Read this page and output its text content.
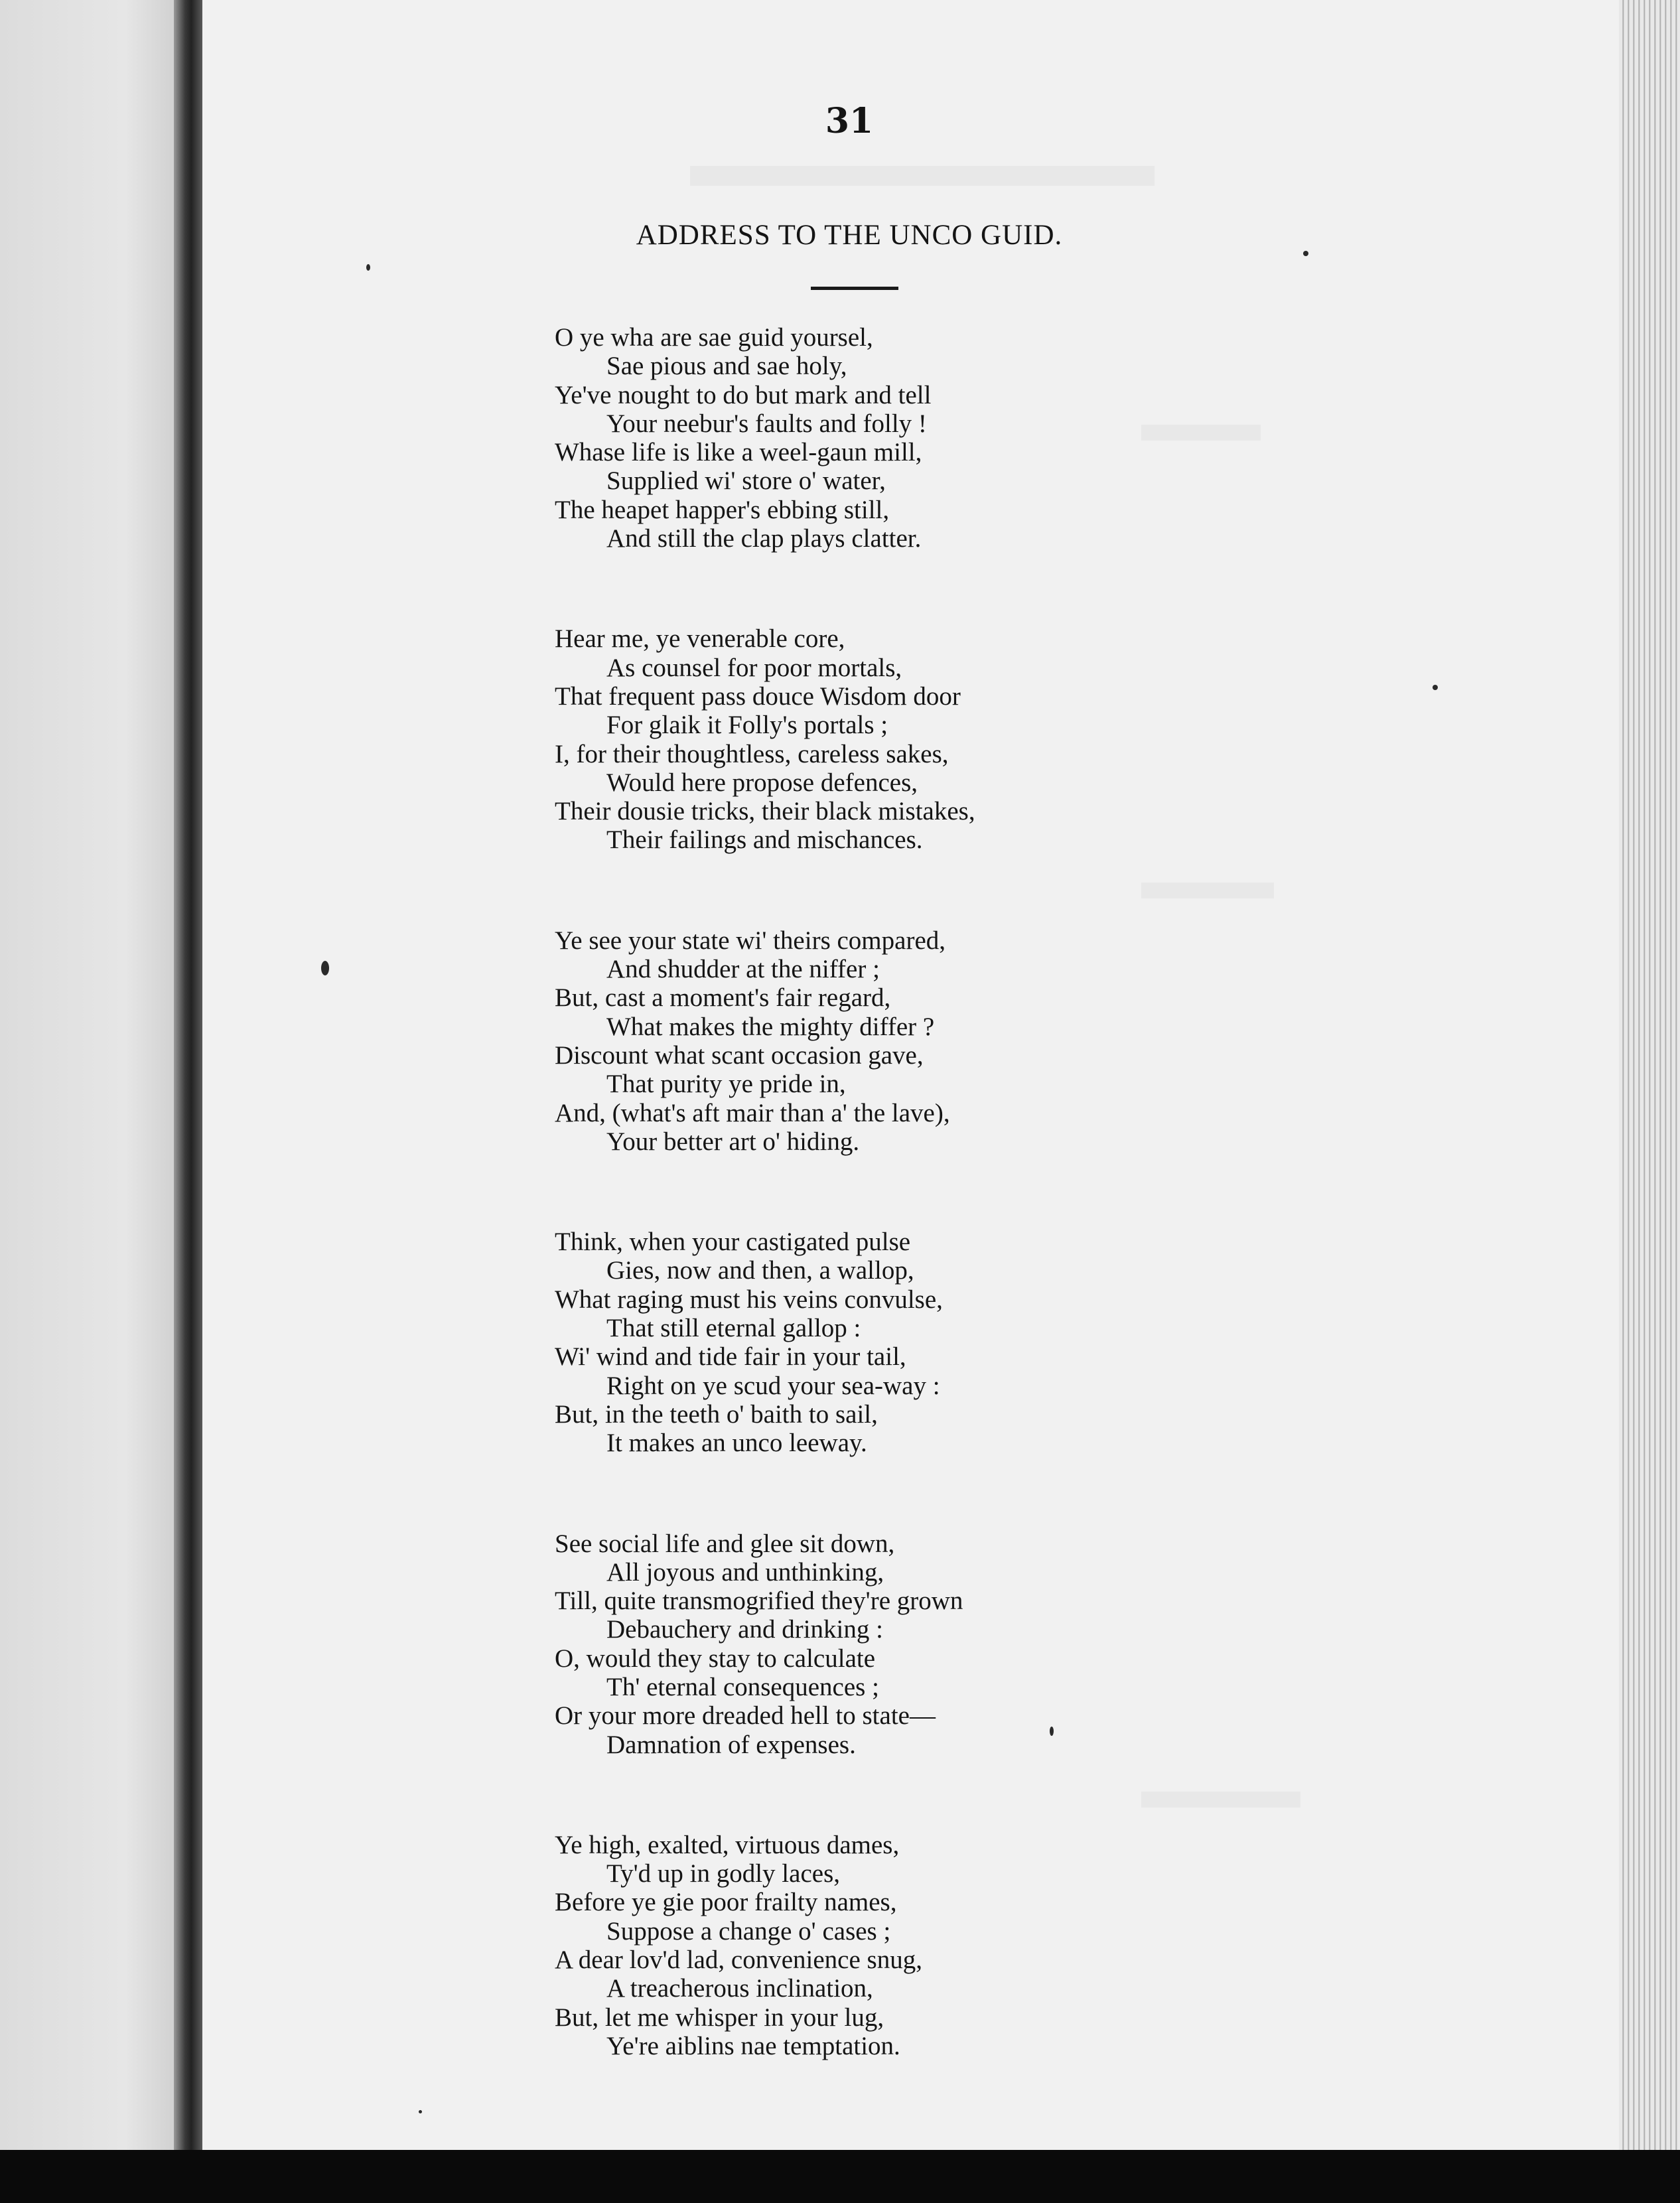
31
ADDRESS TO THE UNCO GUID.
O ye wha are sae guid yoursel,
Sae pious and sae holy,
Ye've nought to do but mark and tell
Your neebur's faults and folly !
Whase life is like a weel-gaun mill,
Supplied wi' store o' water,
The heapet happer's ebbing still,
And still the clap plays clatter.
Hear me, ye venerable core,
As counsel for poor mortals,
That frequent pass douce Wisdom door
For glaik it Folly's portals ;
I, for their thoughtless, careless sakes,
Would here propose defences,
Their dousie tricks, their black mistakes,
Their failings and mischances.
Ye see your state wi' theirs compared,
And shudder at the niffer ;
But, cast a moment's fair regard,
What makes the mighty differ ?
Discount what scant occasion gave,
That purity ye pride in,
And, (what's aft mair than a' the lave),
Your better art o' hiding.
Think, when your castigated pulse
Gies, now and then, a wallop,
What raging must his veins convulse,
That still eternal gallop :
Wi' wind and tide fair in your tail,
Right on ye scud your sea-way :
But, in the teeth o' baith to sail,
It makes an unco leeway.
See social life and glee sit down,
All joyous and unthinking,
Till, quite transmogrified they're grown
Debauchery and drinking :
O, would they stay to calculate
Th' eternal consequences ;
Or your more dreaded hell to state—
Damnation of expenses.
Ye high, exalted, virtuous dames,
Ty'd up in godly laces,
Before ye gie poor frailty names,
Suppose a change o' cases ;
A dear lov'd lad, convenience snug,
A treacherous inclination,
But, let me whisper in your lug,
Ye're aiblins nae temptation.
